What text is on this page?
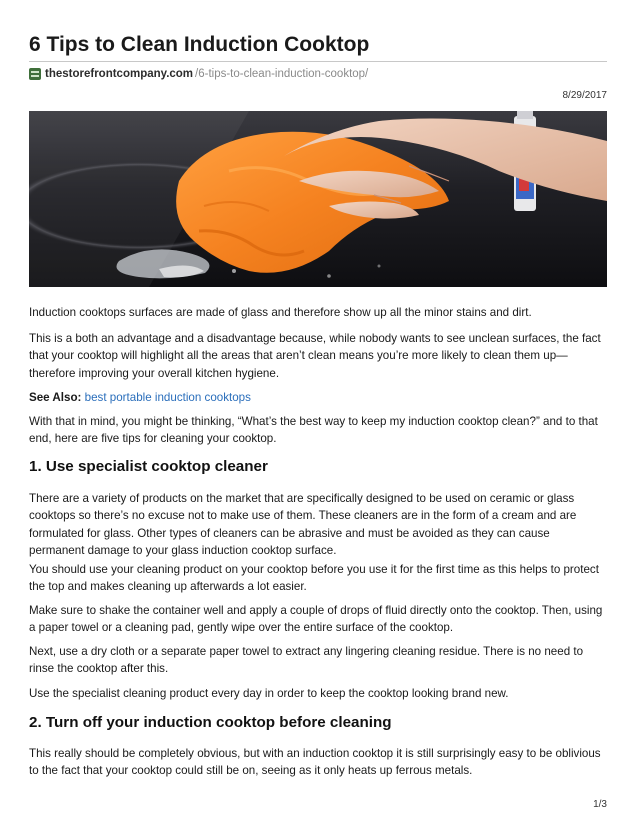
6 Tips to Clean Induction Cooktop
thestorefrontcompany.com /6-tips-to-clean-induction-cooktop/
8/29/2017

Induction cooktops surfaces are made of glass and therefore show up all the minor stains and dirt.

This is a both an advantage and a disadvantage because, while nobody wants to see unclean surfaces, the fact that your cooktop will highlight all the areas that aren’t clean means you’re more likely to clean them up—therefore improving your overall kitchen hygiene.

See Also: best portable induction cooktops

With that in mind, you might be thinking, “What’s the best way to keep my induction cooktop clean?” and to that end, here are five tips for cleaning your cooktop.

1. Use specialist cooktop cleaner

There are a variety of products on the market that are specifically designed to be used on ceramic or glass cooktops so there’s no excuse not to make use of them. These cleaners are in the form of a cream and are formulated for glass. Other types of cleaners can be abrasive and must be avoided as they can cause permanent damage to your glass induction cooktop surface.

You should use your cleaning product on your cooktop before you use it for the first time as this helps to protect the top and makes cleaning up afterwards a lot easier.

Make sure to shake the container well and apply a couple of drops of fluid directly onto the cooktop. Then, using a paper towel or a cleaning pad, gently wipe over the entire surface of the cooktop.

Next, use a dry cloth or a separate paper towel to extract any lingering cleaning residue. There is no need to rinse the cooktop after this.

Use the specialist cleaning product every day in order to keep the cooktop looking brand new.

2. Turn off your induction cooktop before cleaning

This really should be completely obvious, but with an induction cooktop it is still surprisingly easy to be oblivious to the fact that your cooktop could still be on, seeing as it only heats up ferrous metals.

1/3
